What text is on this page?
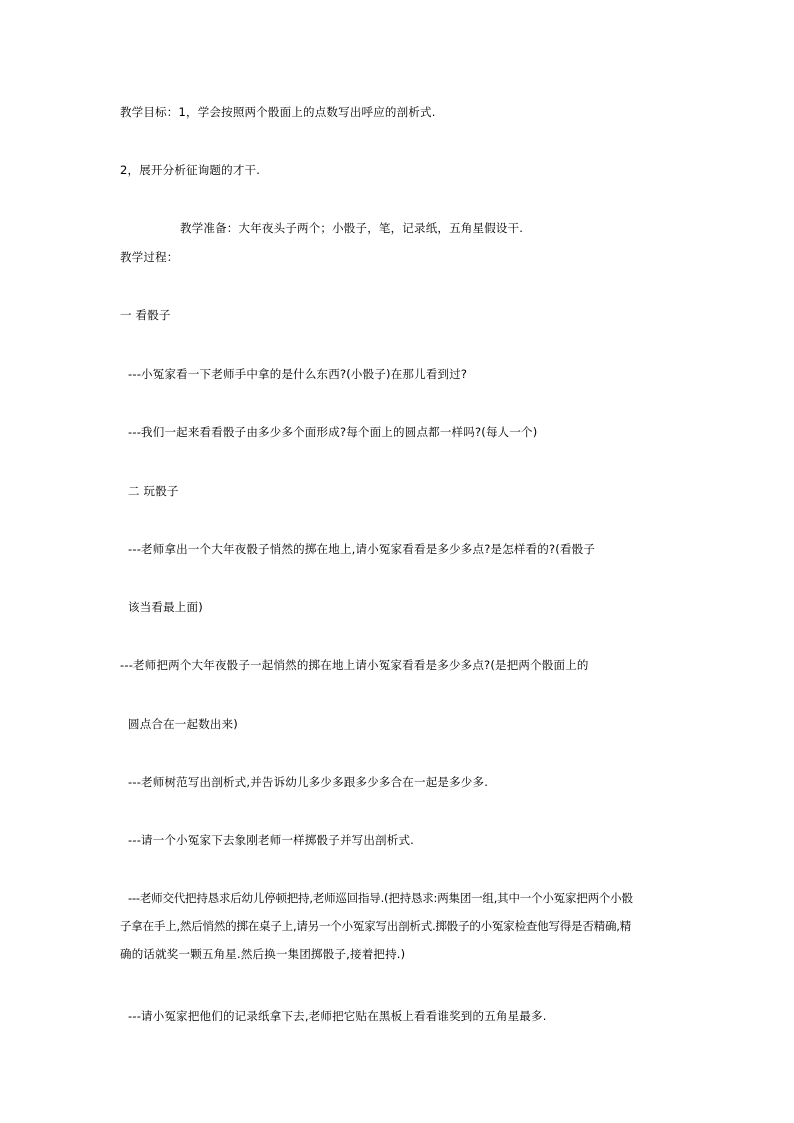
教学目标：1，学会按照两个骰面上的点数写出呼应的剖析式.
2，展开分析征询题的才干.
教学准备：大年夜头子两个；小骰子，笔，记录纸，五角星假设干.
教学过程：
一 看骰子
---小冤家看一下老师手中拿的是什么东西?(小骰子)在那儿看到过?
---我们一起来看看骰子由多少多个面形成?每个面上的圆点都一样吗?(每人一个)
二 玩骰子
---老师拿出一个大年夜骰子悄然的掷在地上,请小冤家看看是多少多点?是怎样看的?(看骰子
该当看最上面)
---老师把两个大年夜骰子一起悄然的掷在地上请小冤家看看是多少多点?(是把两个骰面上的
圆点合在一起数出来)
---老师树范写出剖析式,并告诉幼儿多少多跟多少多合在一起是多少多.
---请一个小冤家下去象刚老师一样掷骰子并写出剖析式.
---老师交代把持恳求后幼儿停顿把持,老师巡回指导.(把持恳求:两集团一组,其中一个小冤家把两个小骰
子拿在手上,然后悄然的掷在桌子上,请另一个小冤家写出剖析式.掷骰子的小冤家检查他写得是否精确,精
确的话就奖一颗五角星.然后换一集团掷骰子,接着把持.)
---请小冤家把他们的记录纸拿下去,老师把它贴在黑板上看看谁奖到的五角星最多.
